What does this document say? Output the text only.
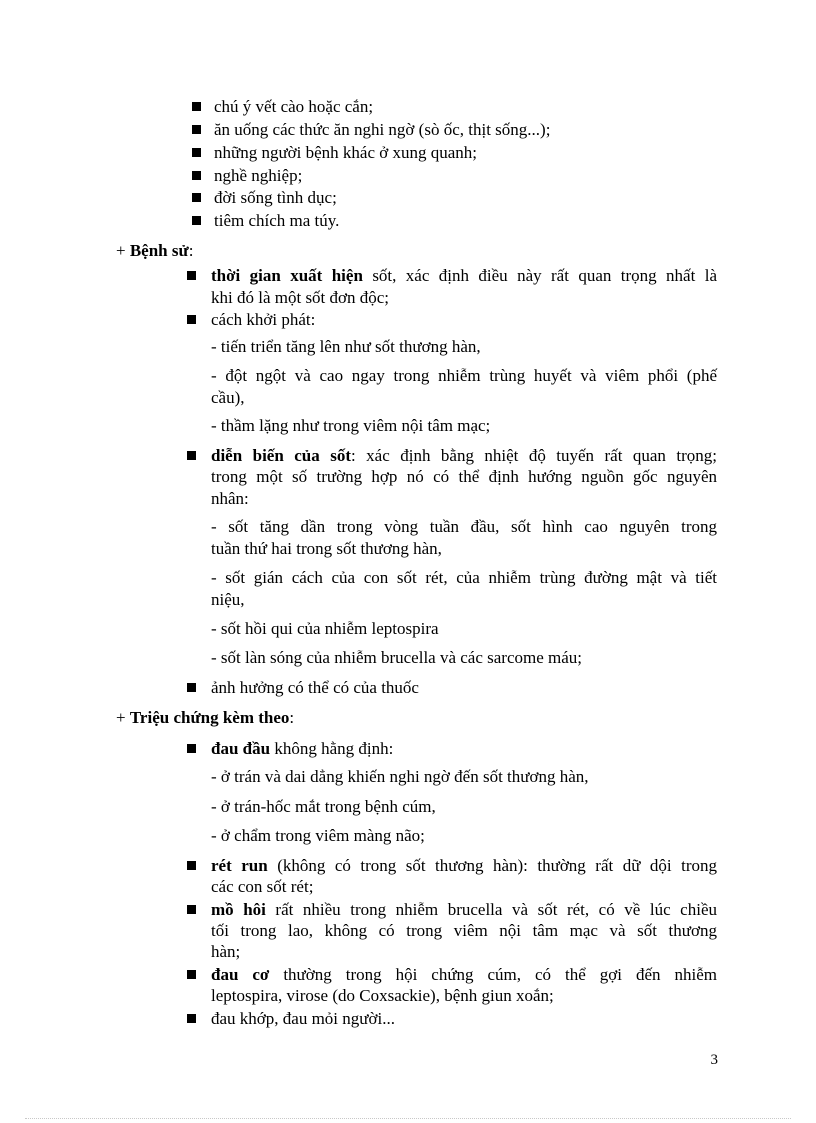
chú ý vết cào hoặc cắn;
ăn uống các thức ăn nghi ngờ (sò ốc, thịt sống...);
những người bệnh khác ở xung quanh;
nghề nghiệp;
đời sống tình dục;
tiêm chích ma túy.
+ Bệnh sử:
thời gian xuất hiện sốt, xác định điều này rất quan trọng nhất là
khi đó là một sốt đơn độc;
cách khởi phát:
- tiến triển tăng lên như sốt thương hàn,
- đột ngột và cao ngay trong nhiễm trùng huyết và viêm phổi (phế
cầu),
- thầm lặng như trong viêm nội tâm mạc;
diễn biến của sốt: xác định bằng nhiệt độ tuyến rất quan trọng;
trong một số trường hợp nó có thể định hướng nguồn gốc nguyên
nhân:
- sốt tăng dần trong vòng tuần đầu, sốt hình cao nguyên trong
tuần thứ hai trong sốt thương hàn,
- sốt gián cách của con sốt rét, của nhiễm trùng đường mật và tiết
niệu,
- sốt hồi qui của nhiễm leptospira
- sốt làn sóng của nhiễm brucella và các sarcome máu;
ảnh hưởng có thể có của thuốc
+ Triệu chứng kèm theo:
đau đầu không hằng định:
- ở trán và dai dẳng khiến nghi ngờ đến sốt thương hàn,
- ở trán-hốc mắt trong bệnh cúm,
- ở chẩm trong viêm màng não;
rét run (không có trong sốt thương hàn): thường rất dữ dội trong
các con sốt rét;
mồ hôi rất nhiều trong nhiễm brucella và sốt rét, có về lúc chiều
tối trong lao, không có trong viêm nội tâm mạc và sốt thương
hàn;
đau cơ thường trong hội chứng cúm, có thể gợi đến nhiễm
leptospira, virose (do Coxsackie), bệnh giun xoắn;
đau khớp, đau mỏi người...
3
